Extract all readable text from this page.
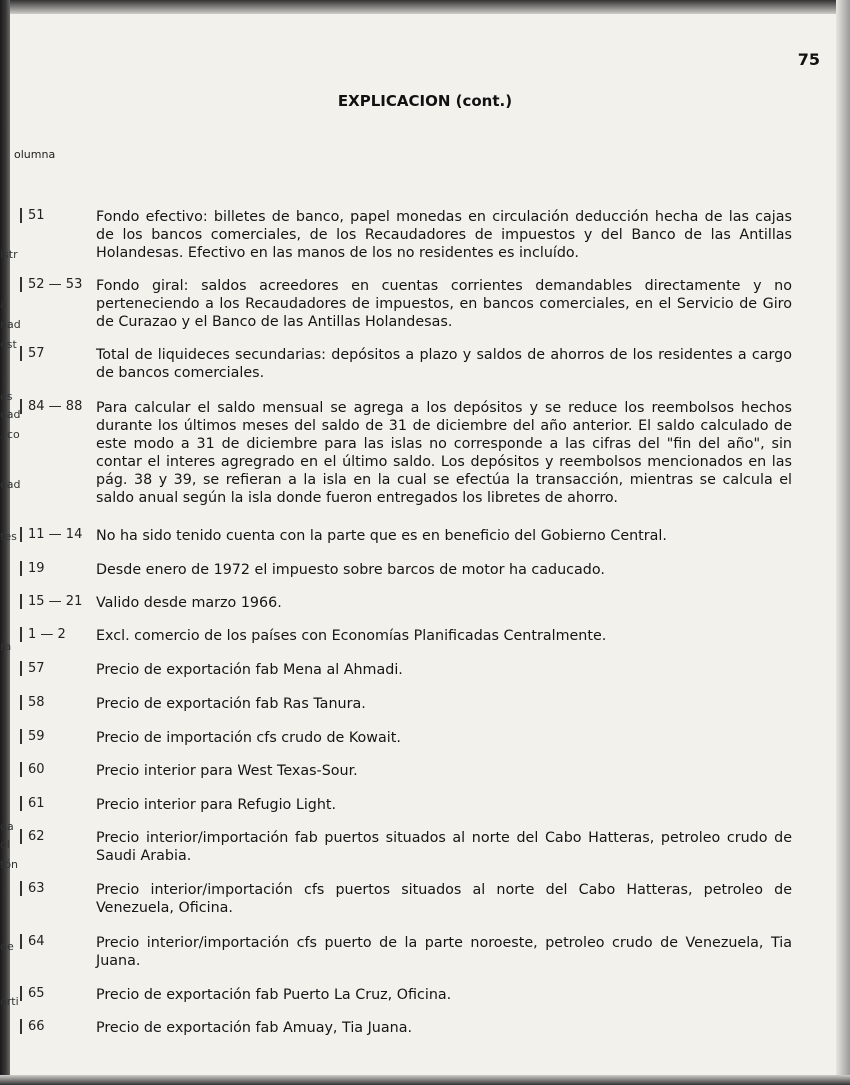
75
EXPLICACION (cont.)
olumna
istr
a
nad
est
es
ead
, co
ead
tes
ra
da
ol
tón
de
orti
51	Fondo efectivo: billetes de banco, papel monedas en circulación deducción hecha de las cajas de los bancos comerciales, de los Recaudadores de impuestos y del Banco de las Antillas Holandesas. Efectivo en las manos de los no residentes es incluído.
52 — 53 Fondo giral: saldos acreedores en cuentas corrientes demandables directamente y no perteneciendo a los Recaudadores de impuestos, en bancos comerciales, en el Servicio de Giro de Curazao y el Banco de las Antillas Holandesas.
57	Total de liquideces secundarias: depósitos a plazo y saldos de ahorros de los residentes a cargo de bancos comerciales.
84 — 88 Para calcular el saldo mensual se agrega a los depósitos y se reduce los reembolsos hechos durante los últimos meses del saldo de 31 de diciembre del año anterior. El saldo calculado de este modo a 31 de diciembre para las islas no corresponde a las cifras del "fin del año", sin contar el interes agregrado en el último saldo. Los depósitos y reembolsos mencionados en las pág. 38 y 39, se refieran a la isla en la cual se efectúa la transacción, mientras se calcula el saldo anual según la isla donde fueron entregados los libretes de ahorro.
11 — 14 No ha sido tenido cuenta con la parte que es en beneficio del Gobierno Central.
19	Desde enero de 1972 el impuesto sobre barcos de motor ha caducado.
15 — 21 Valido desde marzo 1966.
1 — 2 Excl. comercio de los países con Economías Planificadas Centralmente.
57	Precio de exportación fab Mena al Ahmadi.
58	Precio de exportación fab Ras Tanura.
59	Precio de importación cfs crudo de Kowait.
60	Precio interior para West Texas-Sour.
61	Precio interior para Refugio Light.
62	Precio interior/importación fab puertos situados al norte del Cabo Hatteras, petroleo crudo de Saudi Arabia.
63	Precio interior/importación cfs puertos situados al norte del Cabo Hatteras, petroleo de Venezuela, Oficina.
64	Precio interior/importación cfs puerto de la parte noroeste, petroleo crudo de Venezuela, Tia Juana.
65	Precio de exportación fab Puerto La Cruz, Oficina.
66	Precio de exportación fab Amuay, Tia Juana.
